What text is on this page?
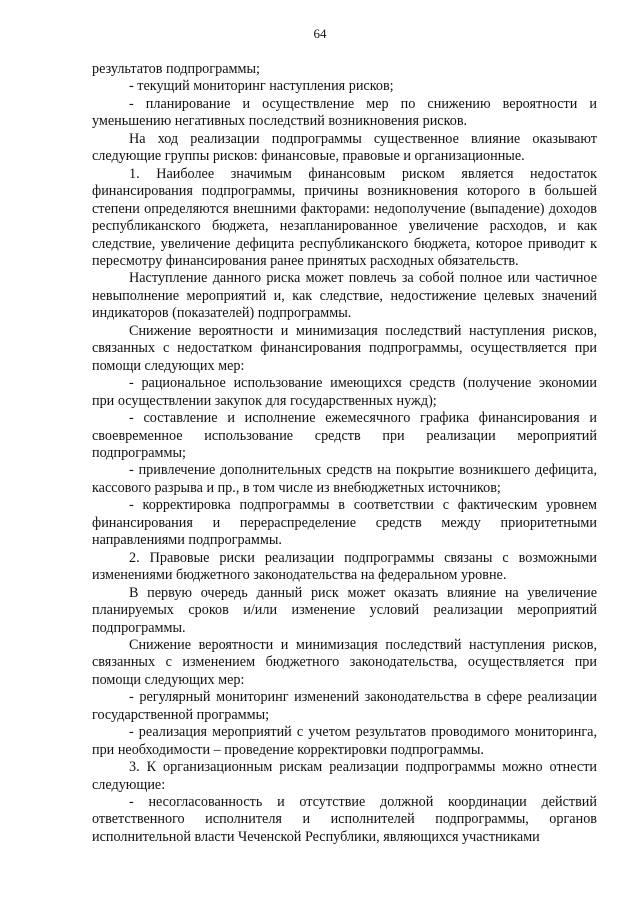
64

результатов подпрограммы;

- текущий мониторинг наступления рисков;

- планирование и осуществление мер по снижению вероятности и уменьшению негативных последствий возникновения рисков.

На ход реализации подпрограммы существенное влияние оказывают следующие группы рисков: финансовые, правовые и организационные.

1. Наиболее значимым финансовым риском является недостаток финансирования подпрограммы, причины возникновения которого в большей степени определяются внешними факторами: недополучение (выпадение) доходов республиканского бюджета, незапланированное увеличение расходов, и как следствие, увеличение дефицита республиканского бюджета, которое приводит к пересмотру финансирования ранее принятых расходных обязательств.

Наступление данного риска может повлечь за собой полное или частичное невыполнение мероприятий и, как следствие, недостижение целевых значений индикаторов (показателей) подпрограммы.

Снижение вероятности и минимизация последствий наступления рисков, связанных с недостатком финансирования подпрограммы, осуществляется при помощи следующих мер:

- рациональное использование имеющихся средств (получение экономии при осуществлении закупок для государственных нужд);

- составление и исполнение ежемесячного графика финансирования и своевременное использование средств при реализации мероприятий подпрограммы;

- привлечение дополнительных средств на покрытие возникшего дефицита, кассового разрыва и пр., в том числе из внебюджетных источников;

- корректировка подпрограммы в соответствии с фактическим уровнем финансирования и перераспределение средств между приоритетными направлениями подпрограммы.

2. Правовые риски реализации подпрограммы связаны с возможными изменениями бюджетного законодательства на федеральном уровне.

В первую очередь данный риск может оказать влияние на увеличение планируемых сроков и/или изменение условий реализации мероприятий подпрограммы.

Снижение вероятности и минимизация последствий наступления рисков, связанных с изменением бюджетного законодательства, осуществляется при помощи следующих мер:

- регулярный мониторинг изменений законодательства в сфере реализации государственной программы;

- реализация мероприятий с учетом результатов проводимого мониторинга, при необходимости – проведение корректировки подпрограммы.

3. К организационным рискам реализации подпрограммы можно отнести следующие:

- несогласованность и отсутствие должной координации действий ответственного исполнителя и исполнителей подпрограммы, органов исполнительной власти Чеченской Республики, являющихся участниками
